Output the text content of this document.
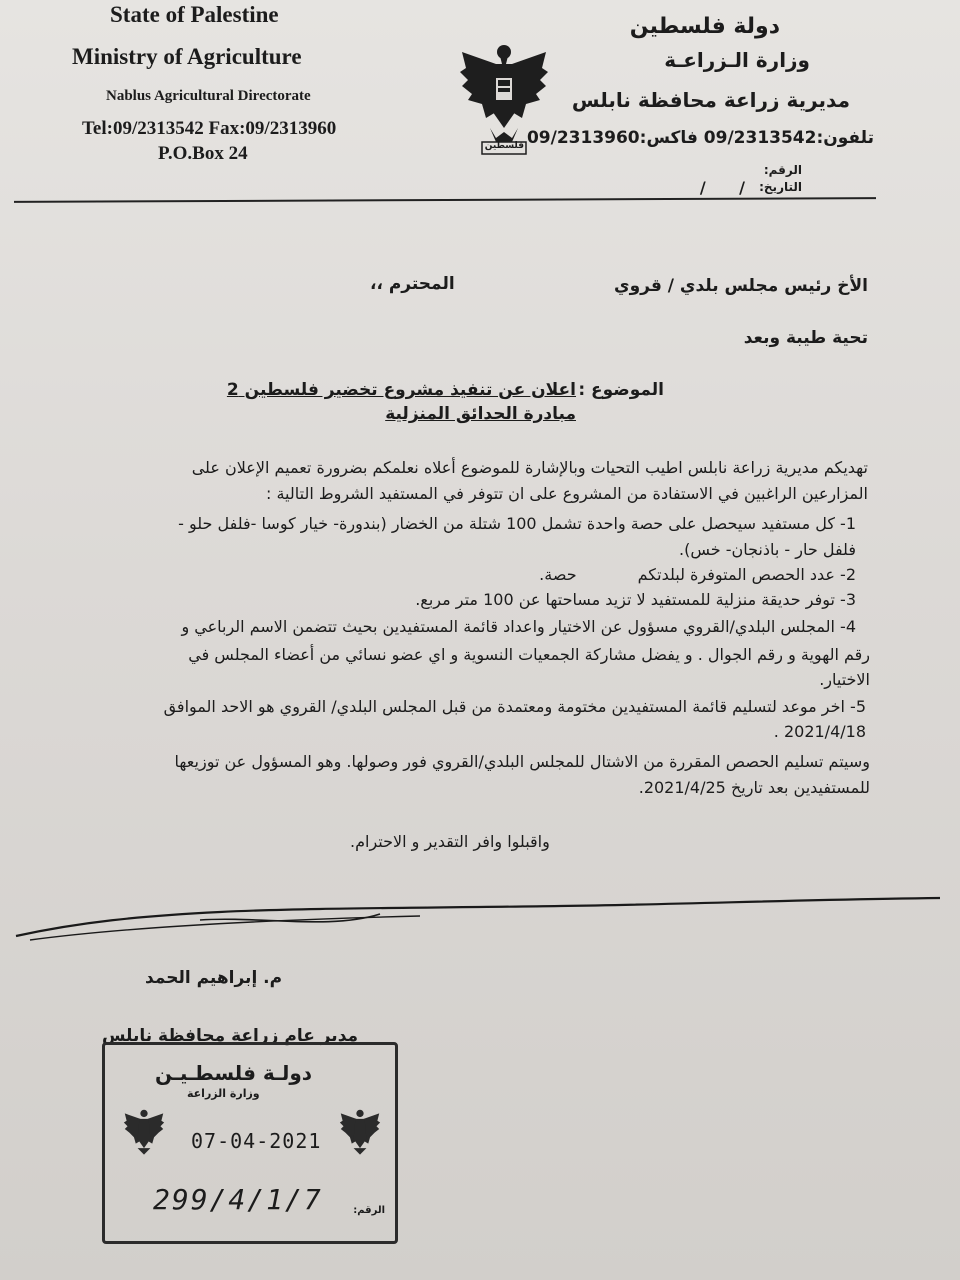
State of Palestine
Ministry of Agriculture
Nablus Agricultural Directorate
Tel:09/2313542 Fax:09/2313960
P.O.Box 24	فلسطين
دولة فلسطين
وزارة الـزراعـة
مديرية زراعة محافظة نابلس
تلفون:09/2313542 فاكس:09/2313960
الرقم:
التاريخ:
/      /
الأخ رئيس مجلس بلدي / قروي
المحترم ،،
تحية طيبة وبعد
الموضوع :
اعلان عن تنفيذ مشروع تخضير فلسطين 2
مبادرة الحدائق المنزلية
تهديكم مديرية زراعة نابلس اطيب التحيات وبالإشارة للموضوع أعلاه نعلمكم بضرورة تعميم الإعلان على
المزارعين الراغبين في الاستفادة من المشروع على ان تتوفر في المستفيد الشروط التالية :
1- كل مستفيد سيحصل على حصة واحدة تشمل 100 شتلة من الخضار (بندورة- خيار كوسا -فلفل حلو -
فلفل حار - باذنجان- خس).
2- عدد الحصص المتوفرة لبلدتكم            حصة.
3- توفر حديقة منزلية للمستفيد لا تزيد مساحتها عن 100 متر مربع.
4- المجلس البلدي/القروي مسؤول عن الاختيار واعداد قائمة المستفيدين بحيث تتضمن الاسم الرباعي و
رقم الهوية و رقم الجوال . و يفضل مشاركة الجمعيات النسوية و اي عضو نسائي من أعضاء المجلس في
الاختيار.
5- اخر موعد لتسليم قائمة المستفيدين مختومة ومعتمدة من قبل المجلس البلدي/ القروي هو الاحد الموافق
2021/4/18 .
وسيتم تسليم الحصص المقررة من الاشتال للمجلس البلدي/القروي فور وصولها. وهو المسؤول عن توزيعها
للمستفيدين بعد تاريخ 2021/4/25.
واقبلوا وافر التقدير و الاحترام.
م. إبراهيم الحمد
مدير عام زراعة محافظة نابلس
دولـة فلسطـيـن
وزارة الزراعة
07-04-2021
الرقم:
299/4/1/7
